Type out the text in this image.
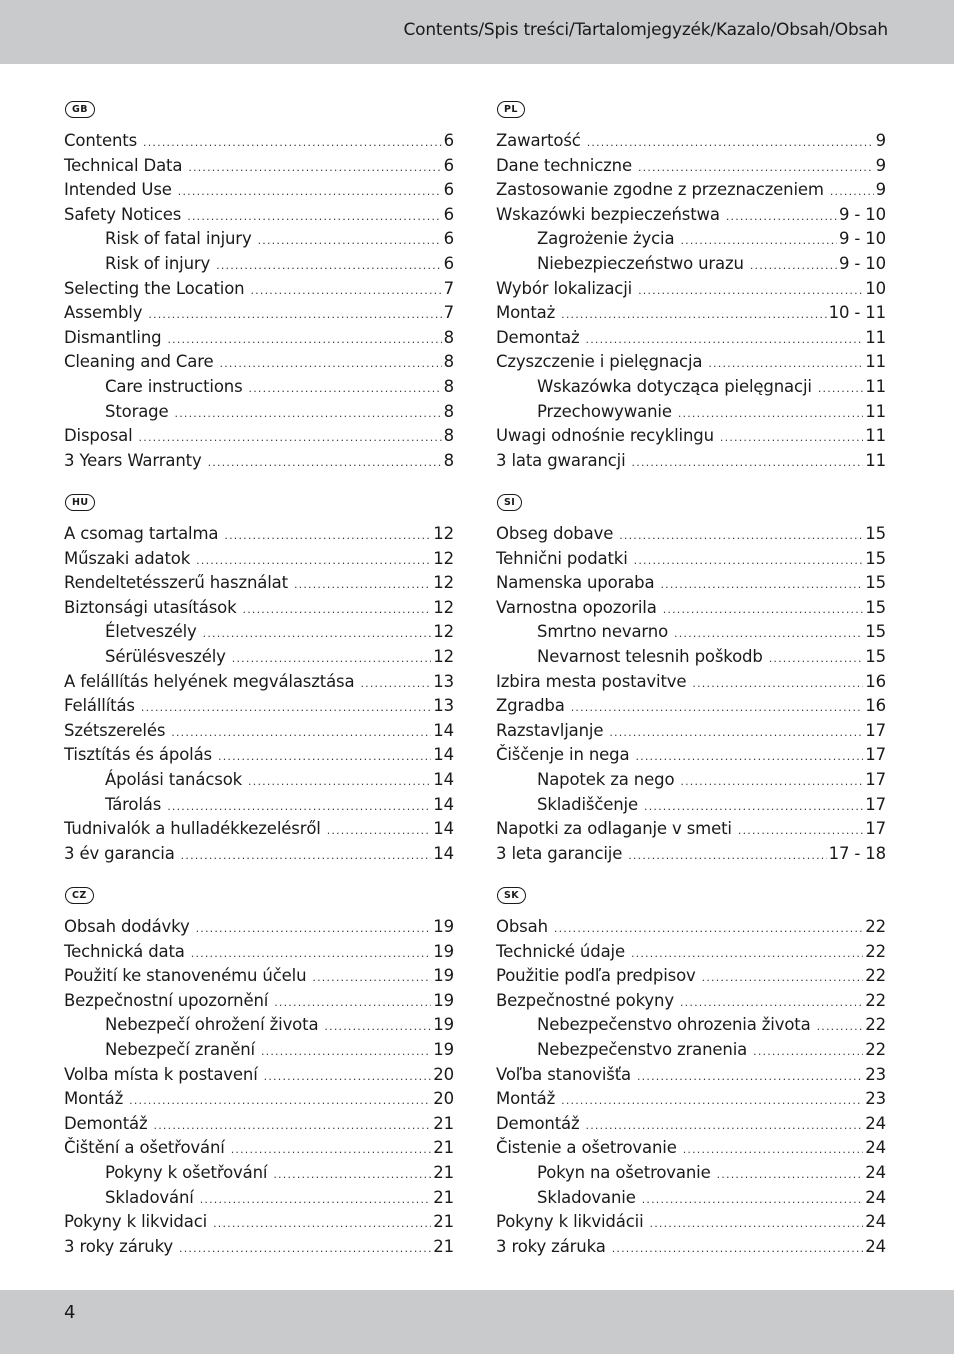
Contents/Spis treści/Tartalomjegyzék/Kazalo/Obsah/Obsah
GB
Contents .....	6
Technical Data .....	6
Intended Use .....	6
Safety Notices .....	6
Risk of fatal injury .....	6
Risk of injury .....	6
Selecting the Location .....	7
Assembly .....	7
Dismantling .....	8
Cleaning and Care .....	8
Care instructions .....	8
Storage .....	8
Disposal .....	8
3 Years Warranty .....	8
PL
Zawartość .....	9
Dane techniczne .....	9
Zastosowanie zgodne z przeznaczeniem .....	9
Wskazówki bezpieczeństwa .....	9 - 10
Zagrożenie życia .....	9 - 10
Niebezpieczeństwo urazu .....	9 - 10
Wybór lokalizacji .....	10
Montaż .....	10 - 11
Demontaż .....	11
Czyszczenie i pielęgnacja .....	11
Wskazówka dotycząca pielęgnacji .....	11
Przechowywanie .....	11
Uwagi odnośnie recyklingu .....	11
3 lata gwarancji .....	11
HU
A csomag tartalma .....	12
Műszaki adatok .....	12
Rendeltetésszerű használat .....	12
Biztonsági utasítások .....	12
Életveszély .....	12
Sérülésveszély .....	12
A felállítás helyének megválasztása .....	13
Felállítás .....	13
Szétszerelés .....	14
Tisztítás és ápolás .....	14
Ápolási tanácsok .....	14
Tárolás .....	14
Tudnivalók a hulladékkezelésről .....	14
3 év garancia .....	14
SI
Obseg dobave .....	15
Tehnični podatki .....	15
Namenska uporaba .....	15
Varnostna opozorila .....	15
Smrtno nevarno .....	15
Nevarnost telesnih poškodb .....	15
Izbira mesta postavitve .....	16
Zgradba .....	16
Razstavljanje .....	17
Čiščenje in nega .....	17
Napotek za nego .....	17
Skladiščenje .....	17
Napotki za odlaganje v smeti .....	17
3 leta garancije .....	17 - 18
CZ
Obsah dodávky .....	19
Technická data .....	19
Použití ke stanovenému účelu .....	19
Bezpečnostní upozornění .....	19
Nebezpečí ohrožení života .....	19
Nebezpečí zranění .....	19
Volba místa k postavení .....	20
Montáž .....	20
Demontáž .....	21
Čištění a ošetřování .....	21
Pokyny k ošetřování .....	21
Skladování .....	21
Pokyny k likvidaci .....	21
3 roky záruky .....	21
SK
Obsah .....	22
Technické údaje .....	22
Použitie podľa predpisov .....	22
Bezpečnostné pokyny .....	22
Nebezpečenstvo ohrozenia života .....	22
Nebezpečenstvo zranenia .....	22
Voľba stanovišťa .....	23
Montáž .....	23
Demontáž .....	24
Čistenie a ošetrovanie .....	24
Pokyn na ošetrovanie .....	24
Skladovanie .....	24
Pokyny k likvidácii .....	24
3 roky záruka .....	24
4
